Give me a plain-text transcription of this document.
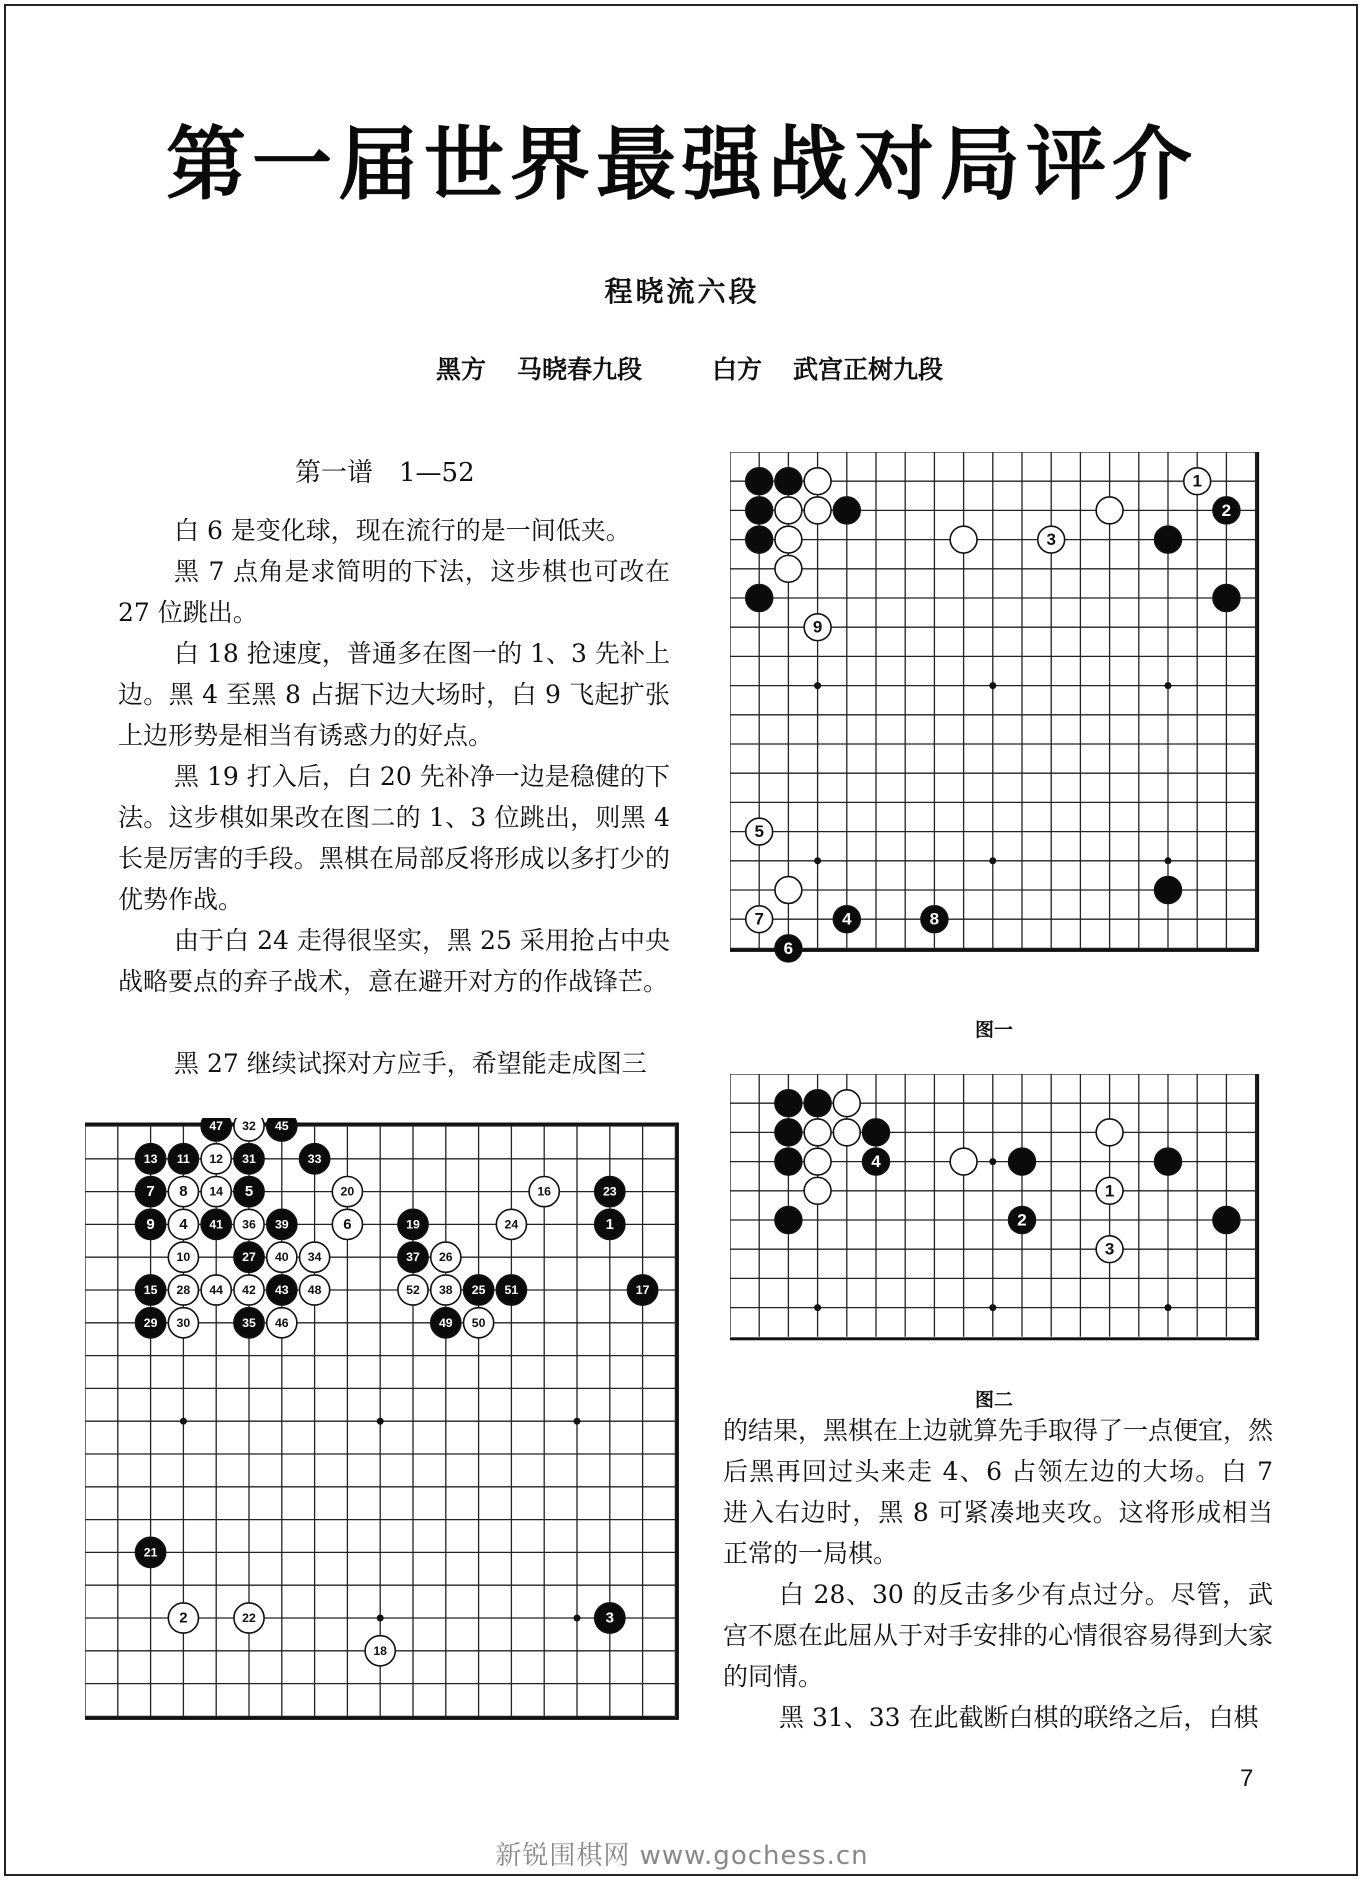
第一届世界最强战对局评介
程晓流六段
黑方 马晓春九段	白方 武宫正树九段
第一谱　1—52

白 6 是变化球，现在流行的是一间低夹。

黑 7 点角是求简明的下法，这步棋也可改在 27 位跳出。

白 18 抢速度，普通多在图一的 1、3 先补上边。黑 4 至黑 8 占据下边大场时，白 9 飞起扩张上边形势是相当有诱惑力的好点。

黑 19 打入后，白 20 先补净一边是稳健的下法。这步棋如果改在图二的 1、3 位跳出，则黑 4 长是厉害的手段。黑棋在局部反将形成以多打少的优势作战。

由于白 24 走得很坚实，黑 25 采用抢占中央战略要点的弃子战术，意在避开对方的作战锋芒。

黑 27 继续试探对方应手，希望能走成图三

的结果，黑棋在上边就算先手取得了一点便宜，然后黑再回过头来走 4、6 占领左边的大场。白 7 进入右边时，黑 8 可紧凑地夹攻。这将形成相当正常的一局棋。

白 28、30 的反击多少有点过分。尽管，武宫不愿在此屈从于对手安排的心情很容易得到大家的同情。

黑 31、33 在此截断白棋的联络之后，白棋

1
2
3
9
5
7	4	8
6
图一
4
1
2
3
图二
47 32 45
13 11 12 31	33
7 8 14 5	20	16	23
9 4 41 36 39	6	19	24	1
10	27 40 34	37 26
15 28 44 42 43 48	52 38 25 51	17
29 30	35 46	49 50
21
2	22	3
18
7
新锐围棋网 www.gochess.cn
